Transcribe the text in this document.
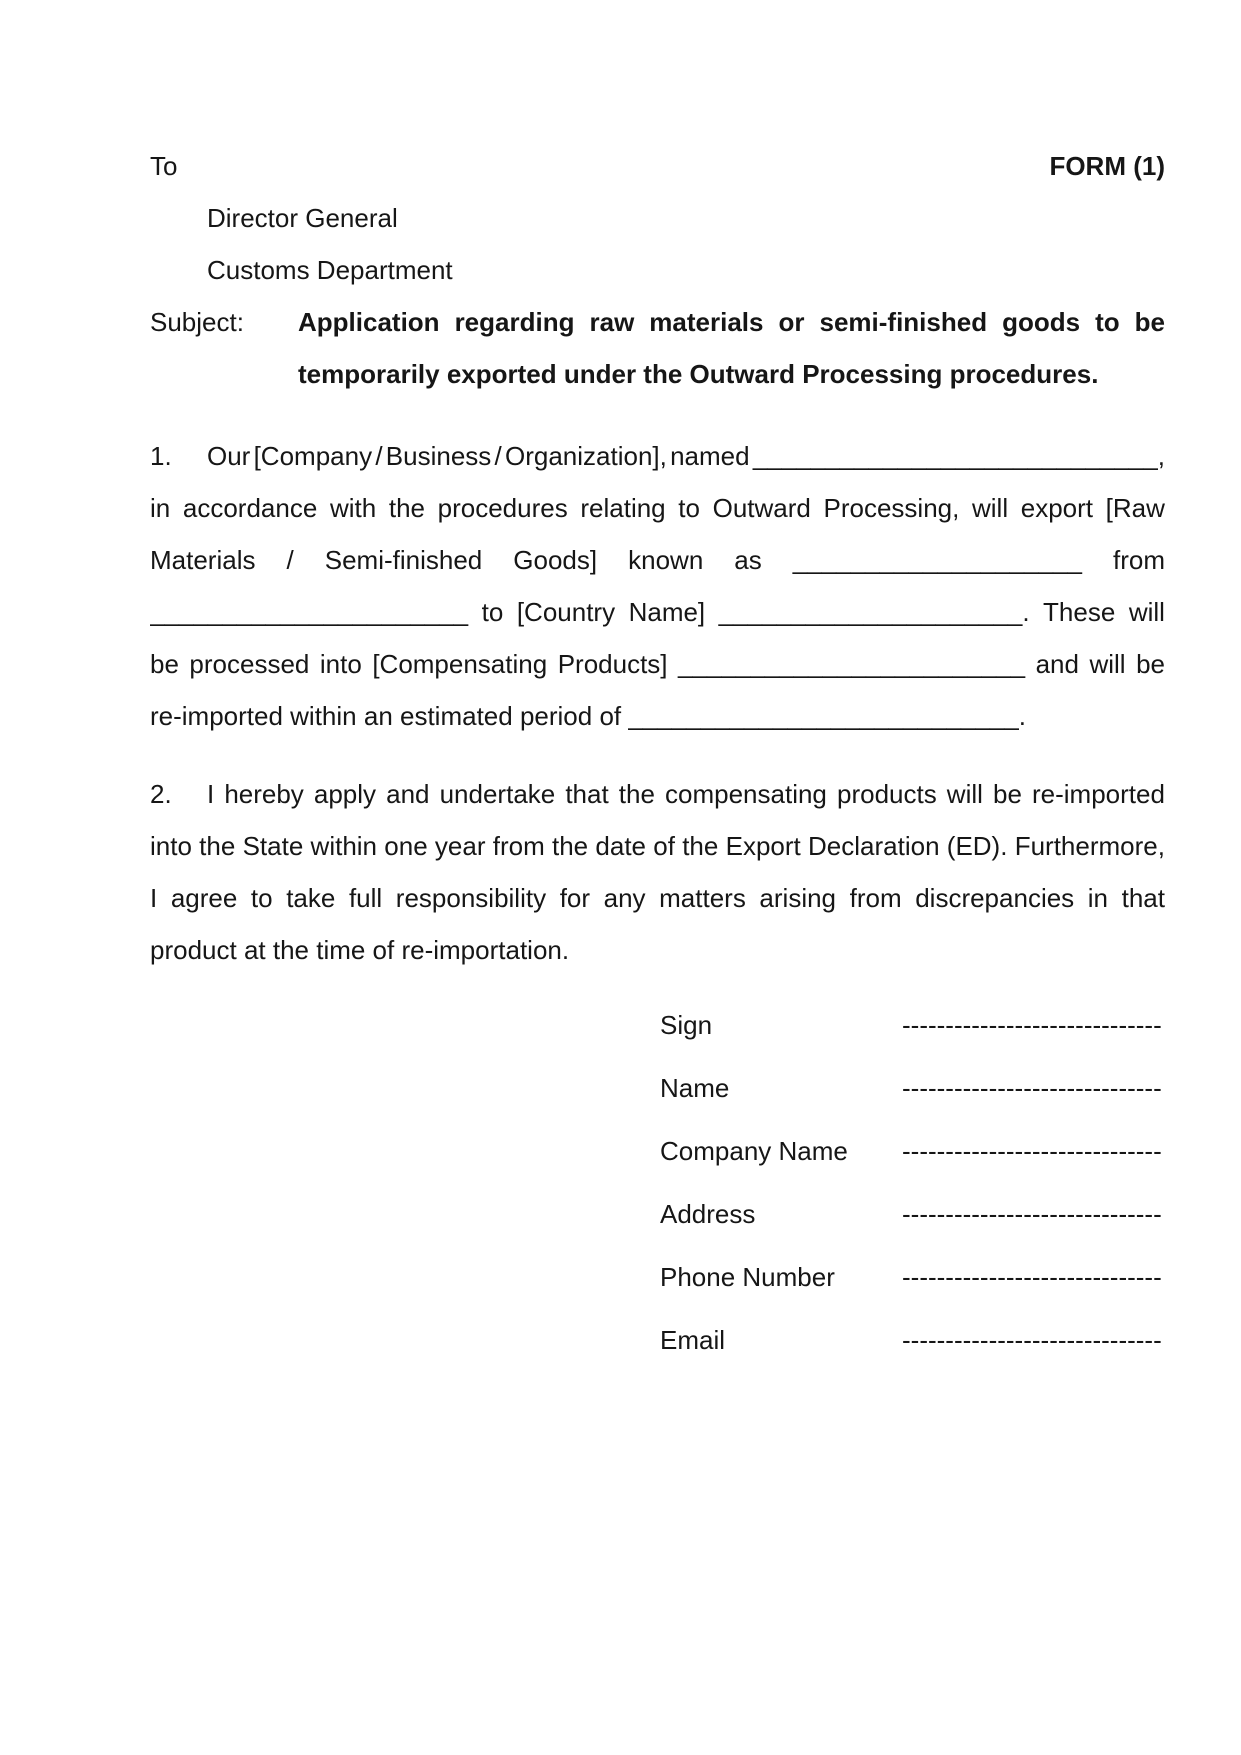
To	FORM (1)
Director General
Customs Department
Subject:	Application regarding raw materials or semi-finished goods to be
temporarily exported under the Outward Processing procedures.
1.	Our [Company / Business / Organization], named ____________________________,
in accordance with the procedures relating to Outward Processing, will export [Raw
Materials / Semi-finished Goods] known as ____________________ from
______________________ to [Country Name] _____________________. These will
be processed into [Compensating Products] ________________________ and will be
re-imported within an estimated period of ___________________________.
2.	I hereby apply and undertake that the compensating products will be re-imported
into the State within one year from the date of the Export Declaration (ED). Furthermore,
I agree to take full responsibility for any matters arising from discrepancies in that
product at the time of re-importation.
Sign	------------------------------
Name	------------------------------
Company Name	------------------------------
Address	------------------------------
Phone Number	------------------------------
Email	------------------------------
